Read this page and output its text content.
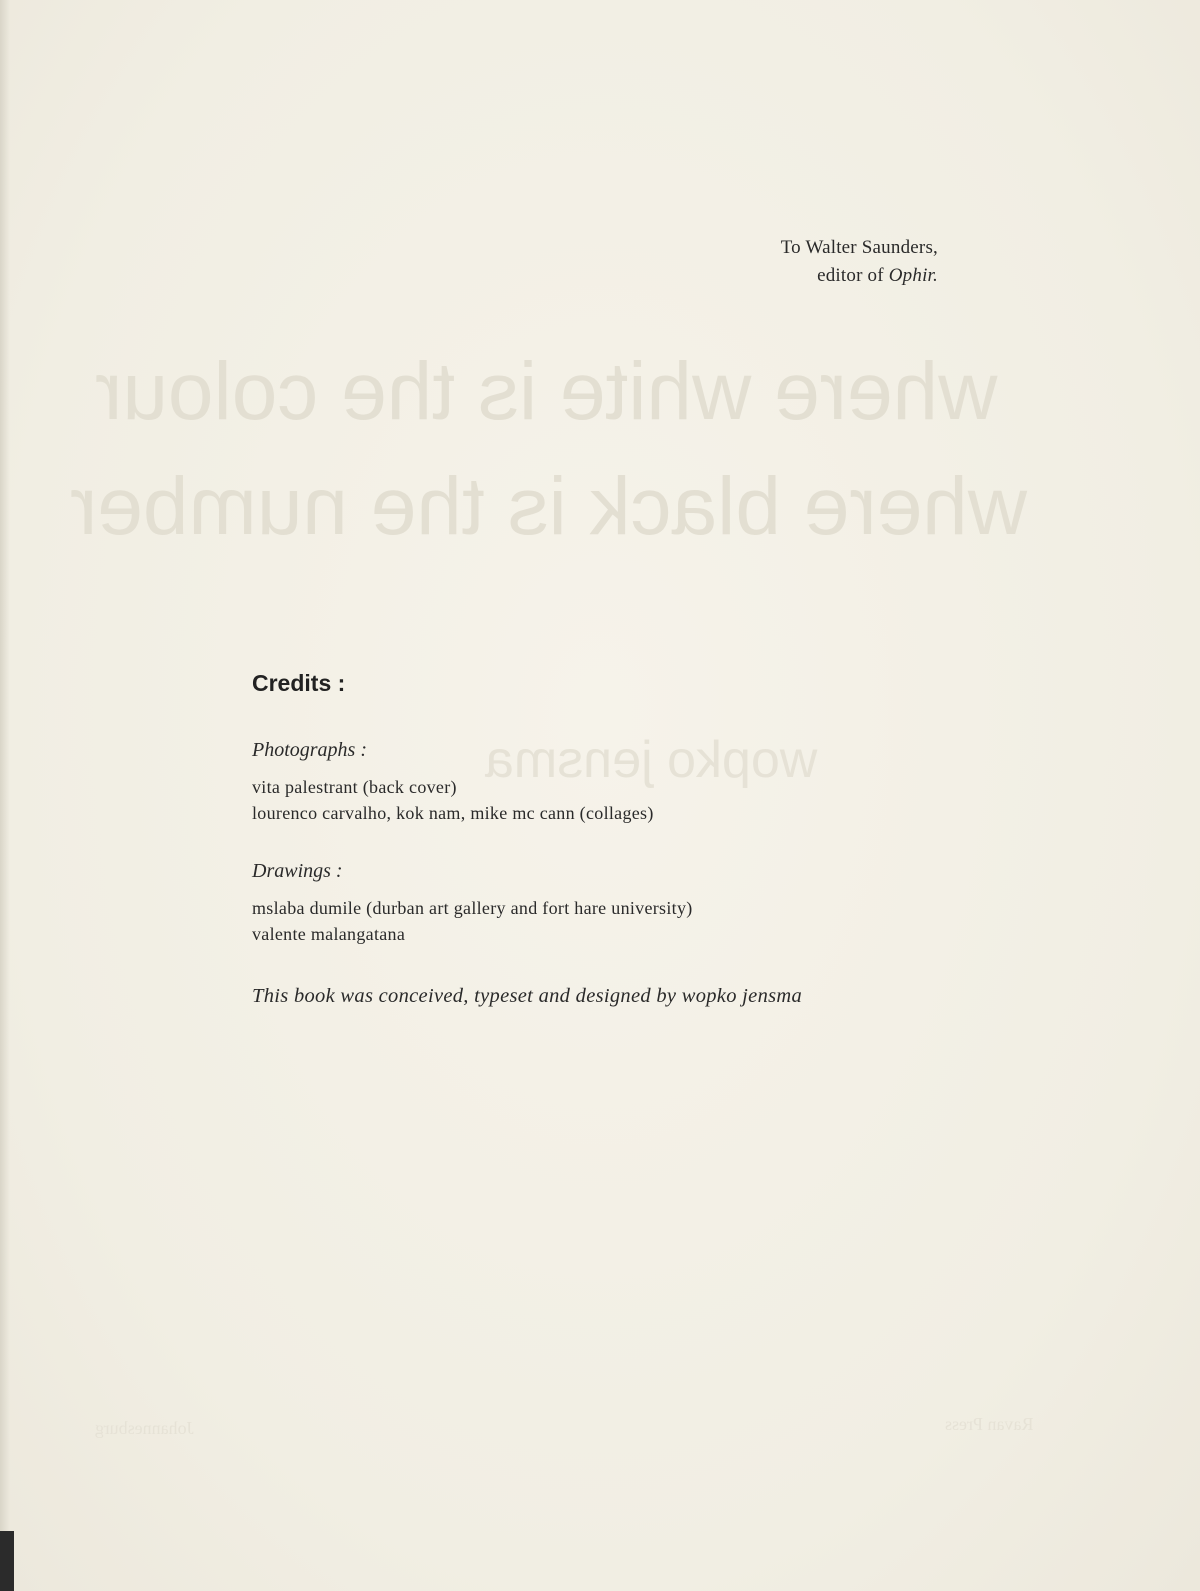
where white is the colour
where black is the number
wopko jensma
Ravan Press
Johannesburg
To Walter Saunders,
editor of Ophir.
Credits :
Photographs :
vita palestrant (back cover)
lourenco carvalho, kok nam, mike mc cann (collages)
Drawings :
mslaba dumile (durban art gallery and fort hare university)
valente malangatana
This book was conceived, typeset and designed by wopko jensma
